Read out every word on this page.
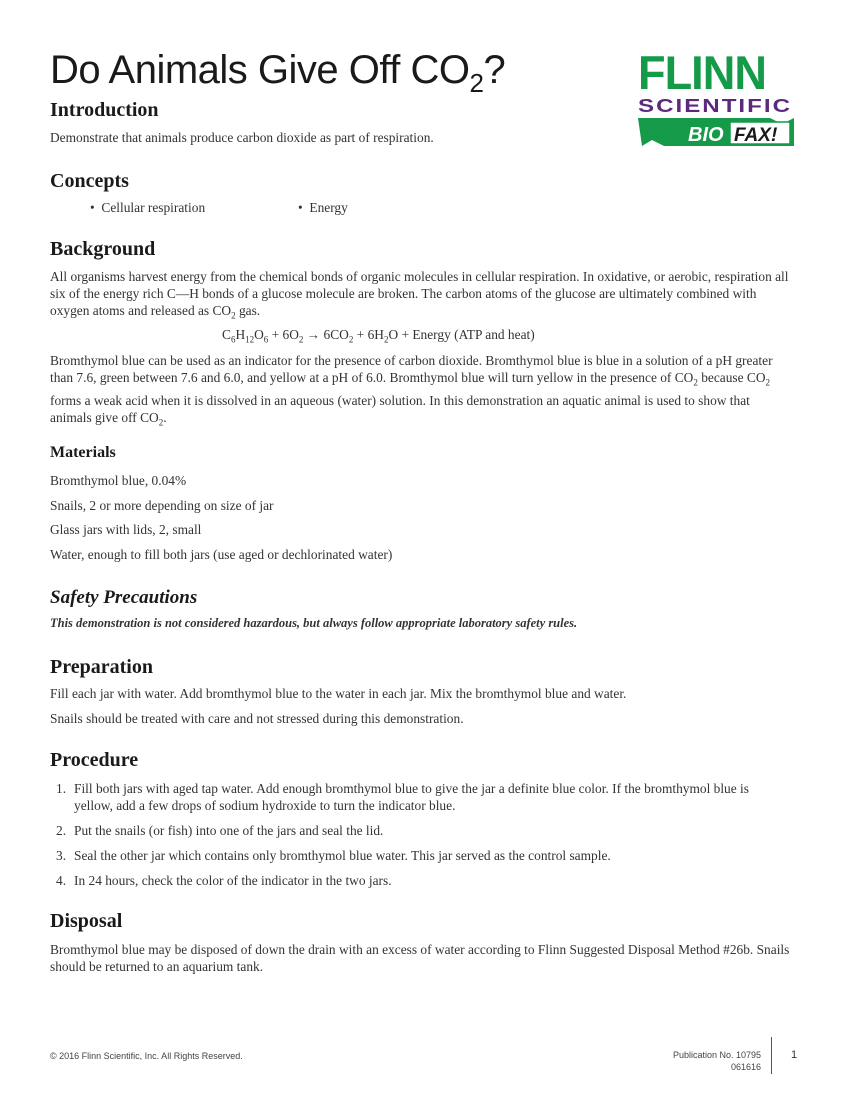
Do Animals Give Off $CO_2$?	FLINN
SCIENTIFIC
BIO FAX!
Introduction
Demonstrate that animals produce carbon dioxide as part of respiration.
Concepts
•  Cellular respiration	•  Energy
Background
All organisms harvest energy from the chemical bonds of organic molecules in cellular respiration. In oxidative, or aerobic, respiration all six of the energy rich C—H bonds of a glucose molecule are broken. The carbon atoms of the glucose are ultimately combined with oxygen atoms and released as $CO_2$ gas.
$C_6H_{12}O_6 + 6O_2 \to 6CO_2 + 6H_2O$ + Energy (ATP and heat)
Bromthymol blue can be used as an indicator for the presence of carbon dioxide. Bromthymol blue is blue in a solution of a pH greater than 7.6, green between 7.6 and 6.0, and yellow at a pH of 6.0. Bromthymol blue will turn yellow in the presence of $CO_2$ because $CO_2$ forms a weak acid when it is dissolved in an aqueous (water) solution. In this demonstration an aquatic animal is used to show that animals give off $CO_2$.
Materials
Bromthymol blue, 0.04%
Snails, 2 or more depending on size of jar
Glass jars with lids, 2, small
Water, enough to fill both jars (use aged or dechlorinated water)
Safety Precautions
This demonstration is not considered hazardous, but always follow appropriate laboratory safety rules.
Preparation
Fill each jar with water. Add bromthymol blue to the water in each jar. Mix the bromthymol blue and water.
Snails should be treated with care and not stressed during this demonstration.
Procedure
1. Fill both jars with aged tap water. Add enough bromthymol blue to give the jar a definite blue color. If the bromthymol blue is yellow, add a few drops of sodium hydroxide to turn the indicator blue.
2. Put the snails (or fish) into one of the jars and seal the lid.
3. Seal the other jar which contains only bromthymol blue water. This jar served as the control sample.
4. In 24 hours, check the color of the indicator in the two jars.
Disposal
Bromthymol blue may be disposed of down the drain with an excess of water according to Flinn Suggested Disposal Method #26b. Snails should be returned to an aquarium tank.
© 2016 Flinn Scientific, Inc. All Rights Reserved.	Publication No. 10795
061616
1
